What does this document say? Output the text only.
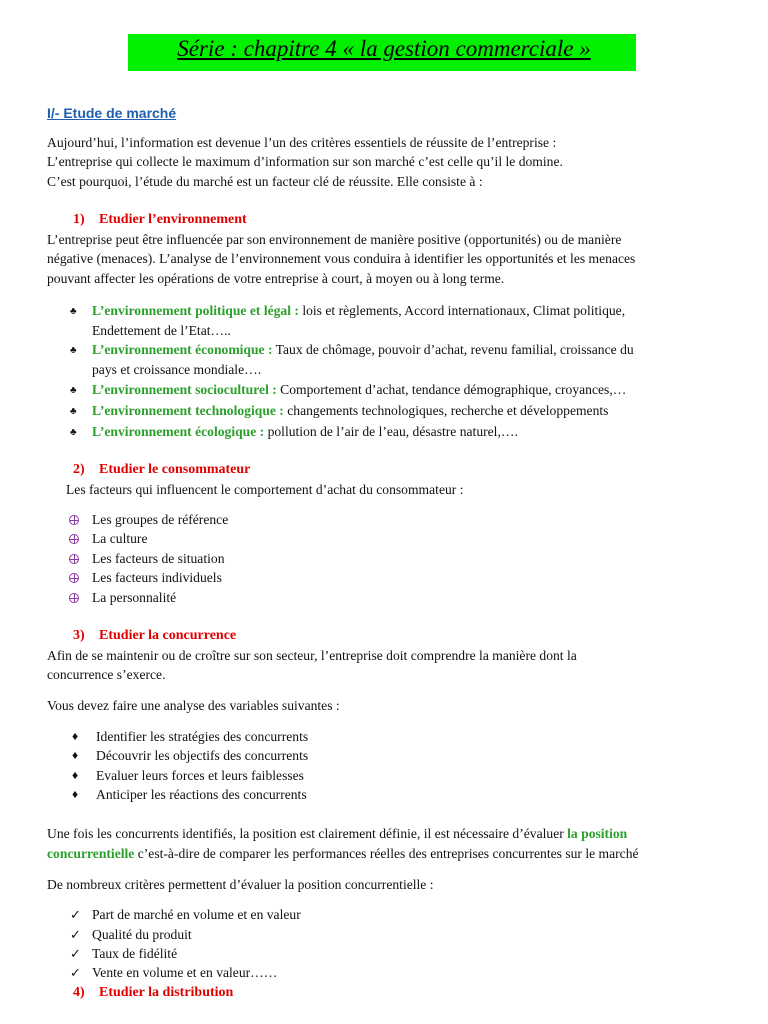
Série : chapitre 4 « la gestion commerciale »
I/- Etude de marché
Aujourd’hui, l’information est devenue l’un des critères essentiels de réussite de l’entreprise :
L’entreprise qui collecte le maximum d’information sur son marché c’est celle qu’il le domine.
C’est pourquoi, l’étude du marché est un facteur clé de réussite. Elle consiste à :
1) Etudier l’environnement
L’entreprise peut être influencée par son environnement de manière positive (opportunités) ou de manière
négative (menaces). L’analyse de l’environnement vous conduira à identifier les opportunités et les menaces
pouvant affecter les opérations de votre entreprise à court, à moyen ou à long terme.
♣ L’environnement politique et légal : lois et règlements, Accord internationaux, Climat politique,
Endettement de l’Etat…..
♣ L’environnement économique : Taux de chômage, pouvoir d’achat, revenu familial, croissance du
pays et croissance mondiale….
♣ L’environnement socioculturel : Comportement d’achat, tendance démographique, croyances,…
♣ L’environnement technologique : changements technologiques, recherche et développements
♣ L’environnement écologique : pollution de l’air de l’eau, désastre naturel,….
2) Etudier le consommateur
Les facteurs qui influencent le comportement d’achat du consommateur :
Les groupes de référence
La culture
Les facteurs de situation
Les facteurs individuels
La personnalité
3) Etudier la concurrence
Afin de se maintenir ou de croître sur son secteur, l’entreprise doit comprendre la manière dont la
concurrence s’exerce.
Vous devez faire une analyse des variables suivantes :
♦ Identifier les stratégies des concurrents
♦ Découvrir les objectifs des concurrents
♦ Evaluer leurs forces et leurs faiblesses
♦ Anticiper les réactions des concurrents
Une fois les concurrents identifiés, la position est clairement définie, il est nécessaire d’évaluer la position
concurrentielle c’est-à-dire de comparer les performances réelles des entreprises concurrentes sur le marché
De nombreux critères permettent d’évaluer la position concurrentielle :
✓ Part de marché en volume et en valeur
✓ Qualité du produit
✓ Taux de fidélité
✓ Vente en volume et en valeur……
4) Etudier la distribution
